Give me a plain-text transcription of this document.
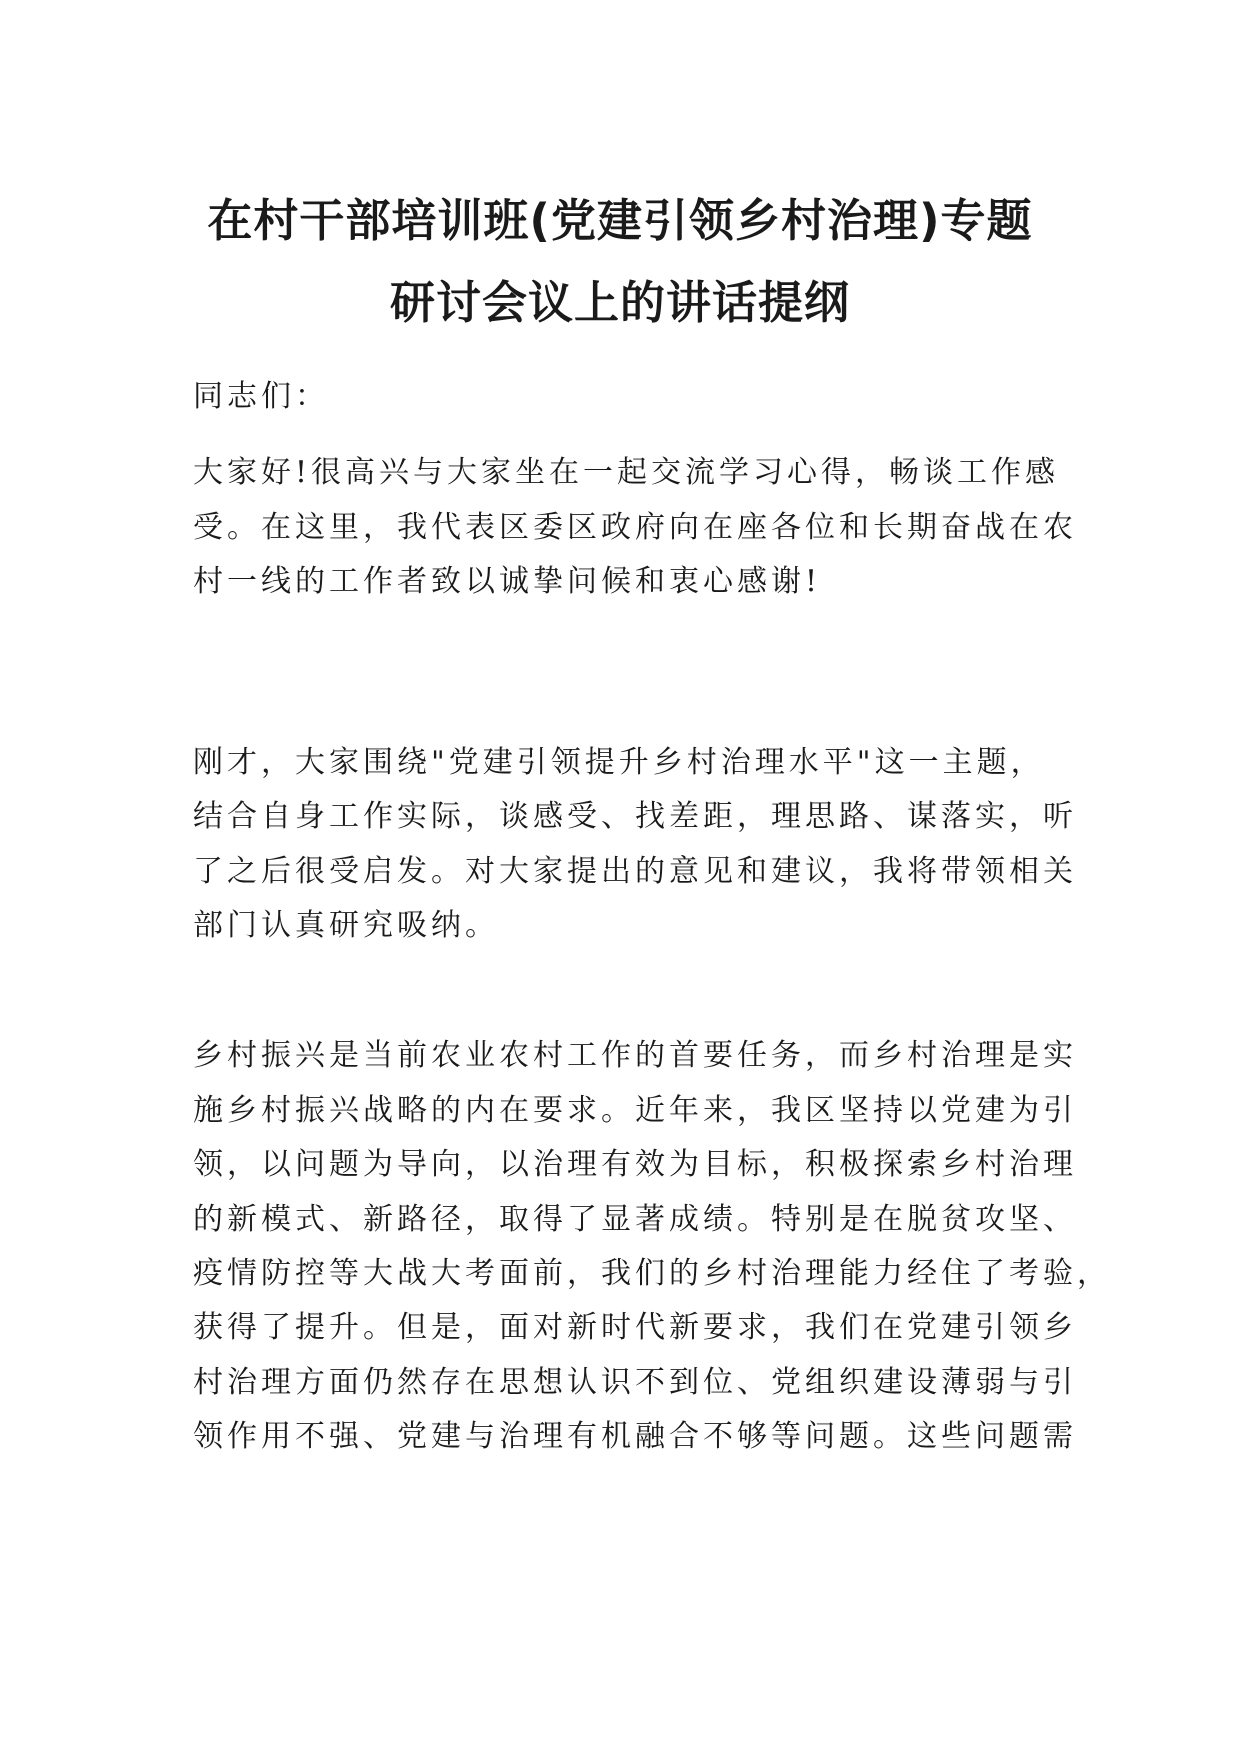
在村干部培训班(党建引领乡村治理)专题
研讨会议上的讲话提纲
同志们：
大家好!很高兴与大家坐在一起交流学习心得，畅谈工作感
受。在这里，我代表区委区政府向在座各位和长期奋战在农
村一线的工作者致以诚挚问候和衷心感谢!
刚才，大家围绕"党建引领提升乡村治理水平"这一主题，
结合自身工作实际，谈感受、找差距，理思路、谋落实，听
了之后很受启发。对大家提出的意见和建议，我将带领相关
部门认真研究吸纳。
乡村振兴是当前农业农村工作的首要任务，而乡村治理是实
施乡村振兴战略的内在要求。近年来，我区坚持以党建为引
领，以问题为导向，以治理有效为目标，积极探索乡村治理
的新模式、新路径，取得了显著成绩。特别是在脱贫攻坚、
疫情防控等大战大考面前，我们的乡村治理能力经住了考验，
获得了提升。但是，面对新时代新要求，我们在党建引领乡
村治理方面仍然存在思想认识不到位、党组织建设薄弱与引
领作用不强、党建与治理有机融合不够等问题。这些问题需
